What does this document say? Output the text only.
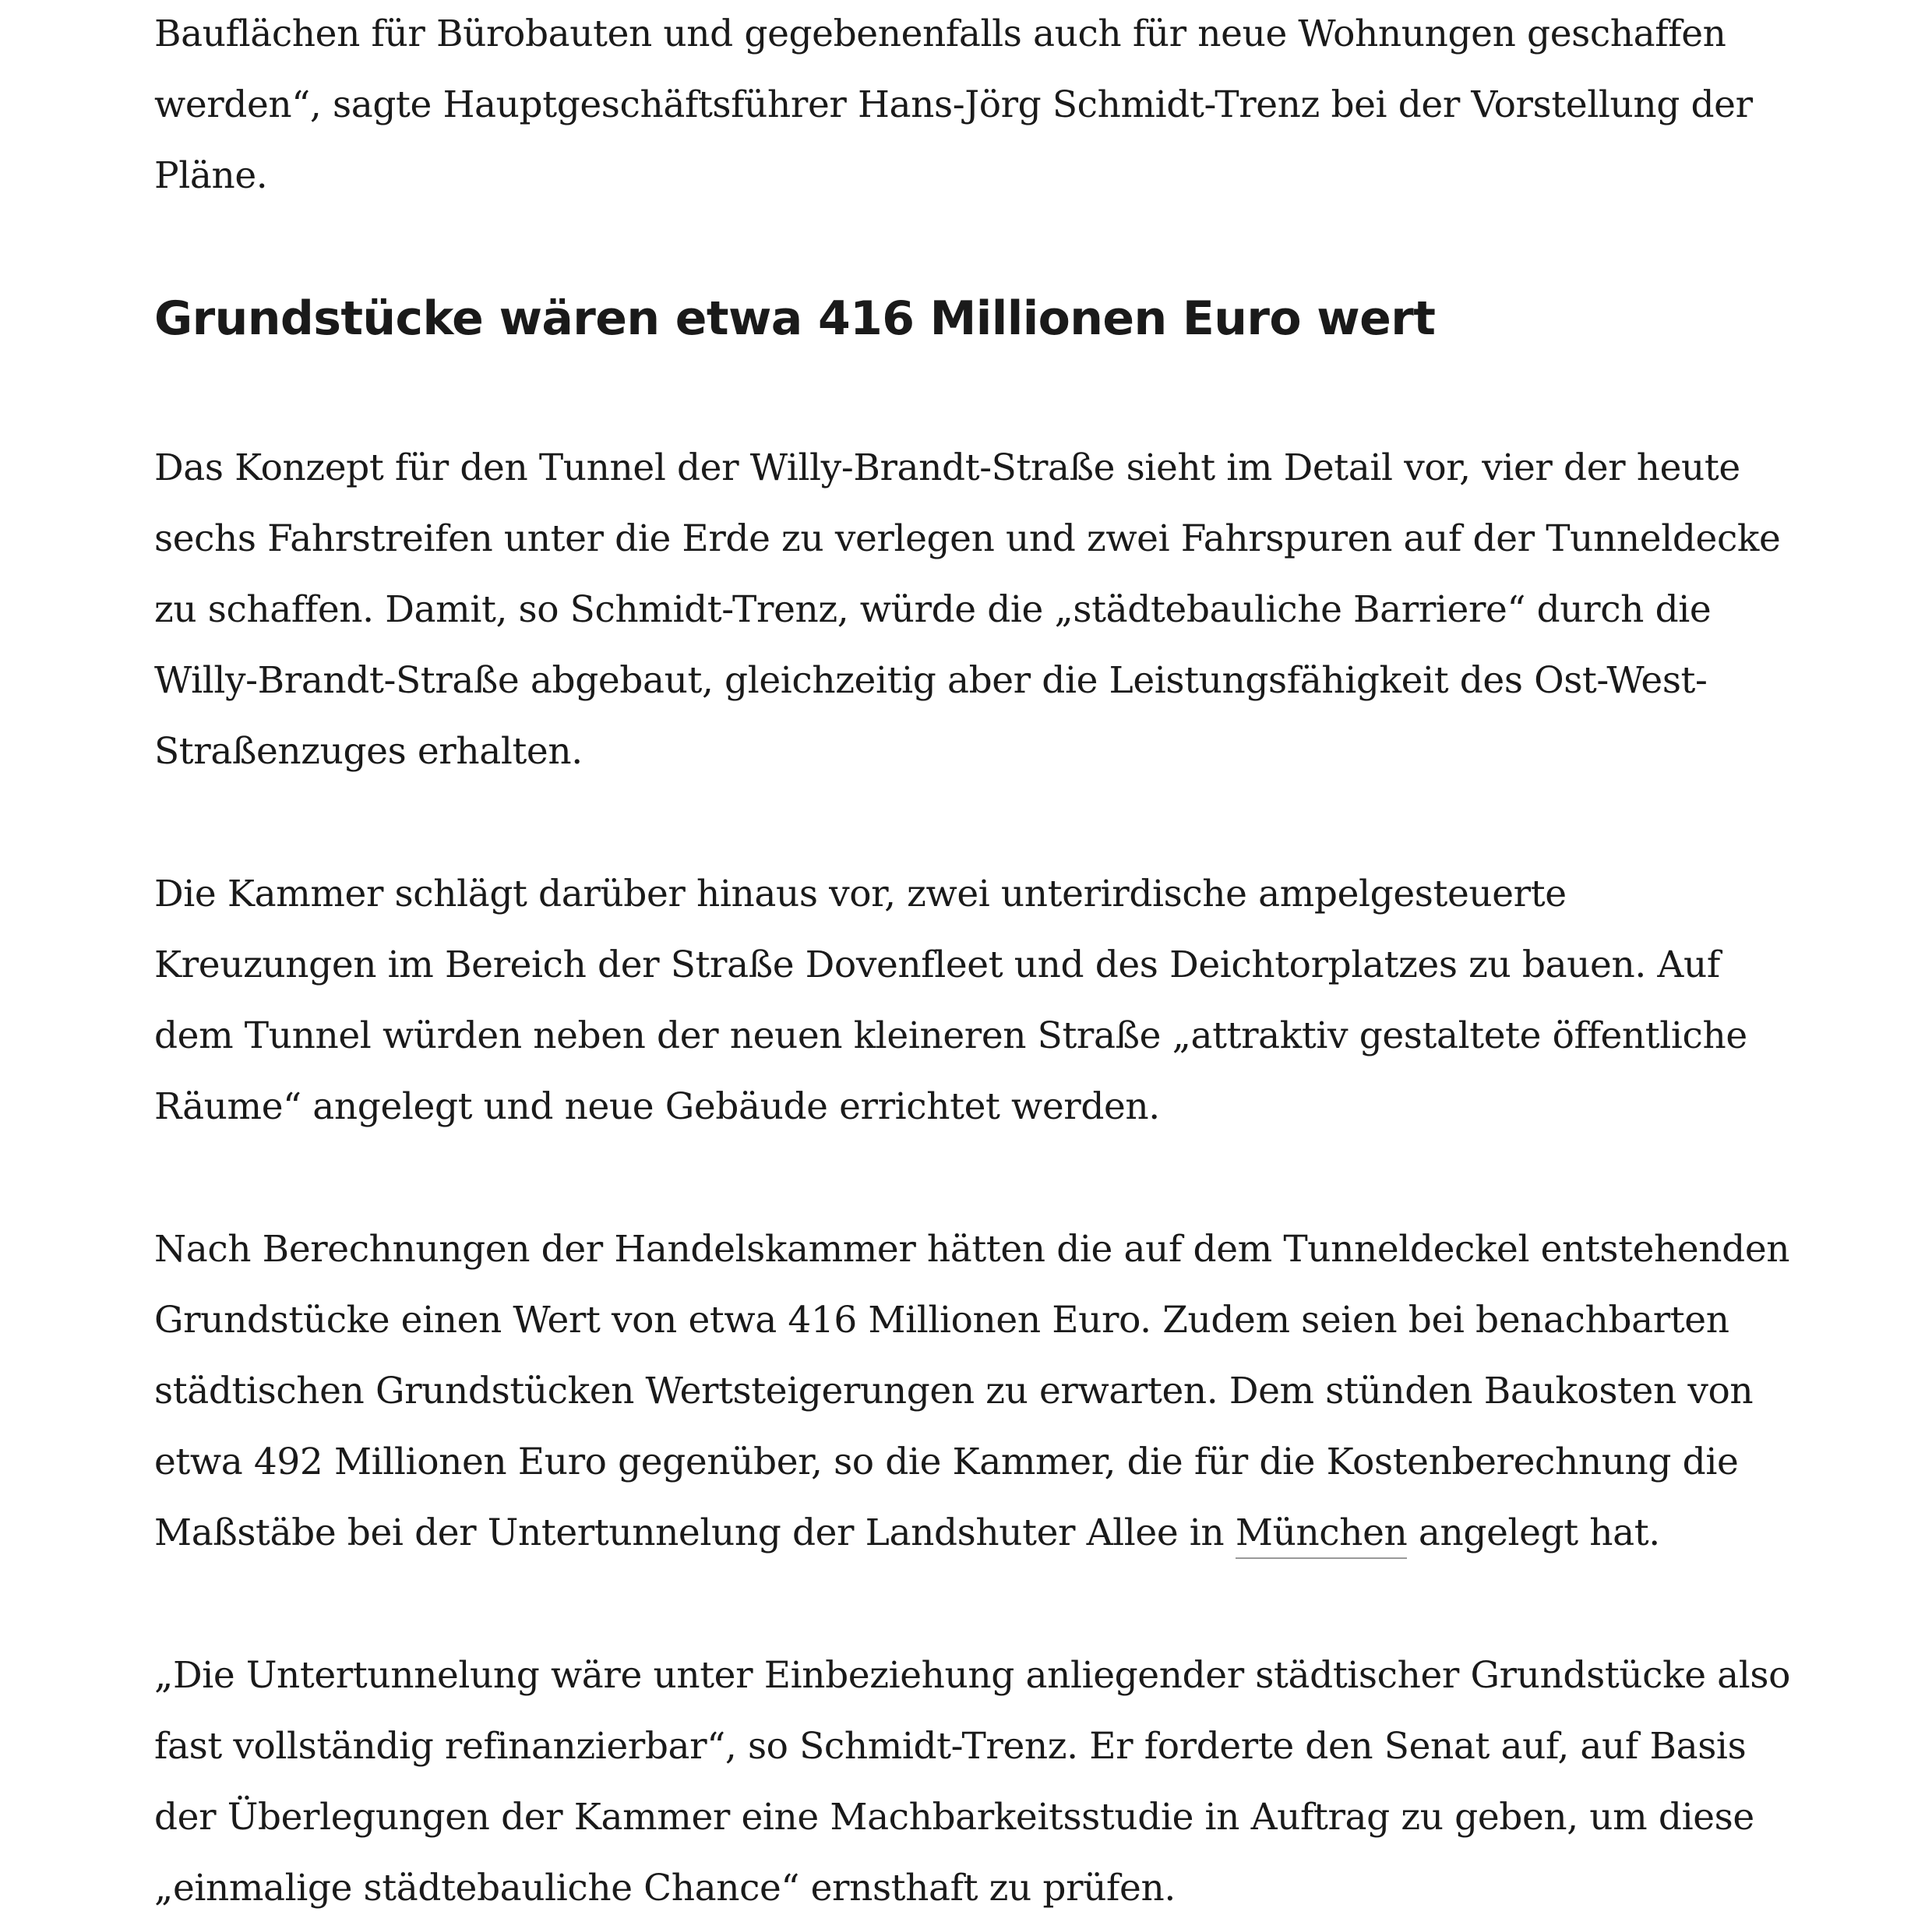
Bauflächen für Bürobauten und gegebenenfalls auch für neue Wohnungen geschaffen werden“, sagte Hauptgeschäftsführer Hans-Jörg Schmidt-Trenz bei der Vorstellung der Pläne.

Grundstücke wären etwa 416 Millionen Euro wert

Das Konzept für den Tunnel der Willy-Brandt-Straße sieht im Detail vor, vier der heute sechs Fahrstreifen unter die Erde zu verlegen und zwei Fahrspuren auf der Tunneldecke zu schaffen. Damit, so Schmidt-Trenz, würde die „städtebauliche Barriere“ durch die Willy-Brandt-Straße abgebaut, gleichzeitig aber die Leistungsfähigkeit des Ost-West-Straßenzuges erhalten.

Die Kammer schlägt darüber hinaus vor, zwei unterirdische ampelgesteuerte Kreuzungen im Bereich der Straße Dovenfleet und des Deichtorplatzes zu bauen. Auf dem Tunnel würden neben der neuen kleineren Straße „attraktiv gestaltete öffentliche Räume“ angelegt und neue Gebäude errichtet werden.

Nach Berechnungen der Handelskammer hätten die auf dem Tunneldeckel entstehenden Grundstücke einen Wert von etwa 416 Millionen Euro. Zudem seien bei benachbarten städtischen Grundstücken Wertsteigerungen zu erwarten. Dem stünden Baukosten von etwa 492 Millionen Euro gegenüber, so die Kammer, die für die Kostenberechnung die Maßstäbe bei der Untertunnelung der Landshuter Allee in München angelegt hat.

„Die Untertunnelung wäre unter Einbeziehung anliegender städtischer Grundstücke also fast vollständig refinanzierbar“, so Schmidt-Trenz. Er forderte den Senat auf, auf Basis der Überlegungen der Kammer eine Machbarkeitsstudie in Auftrag zu geben, um diese „einmalige städtebauliche Chance“ ernsthaft zu prüfen.
